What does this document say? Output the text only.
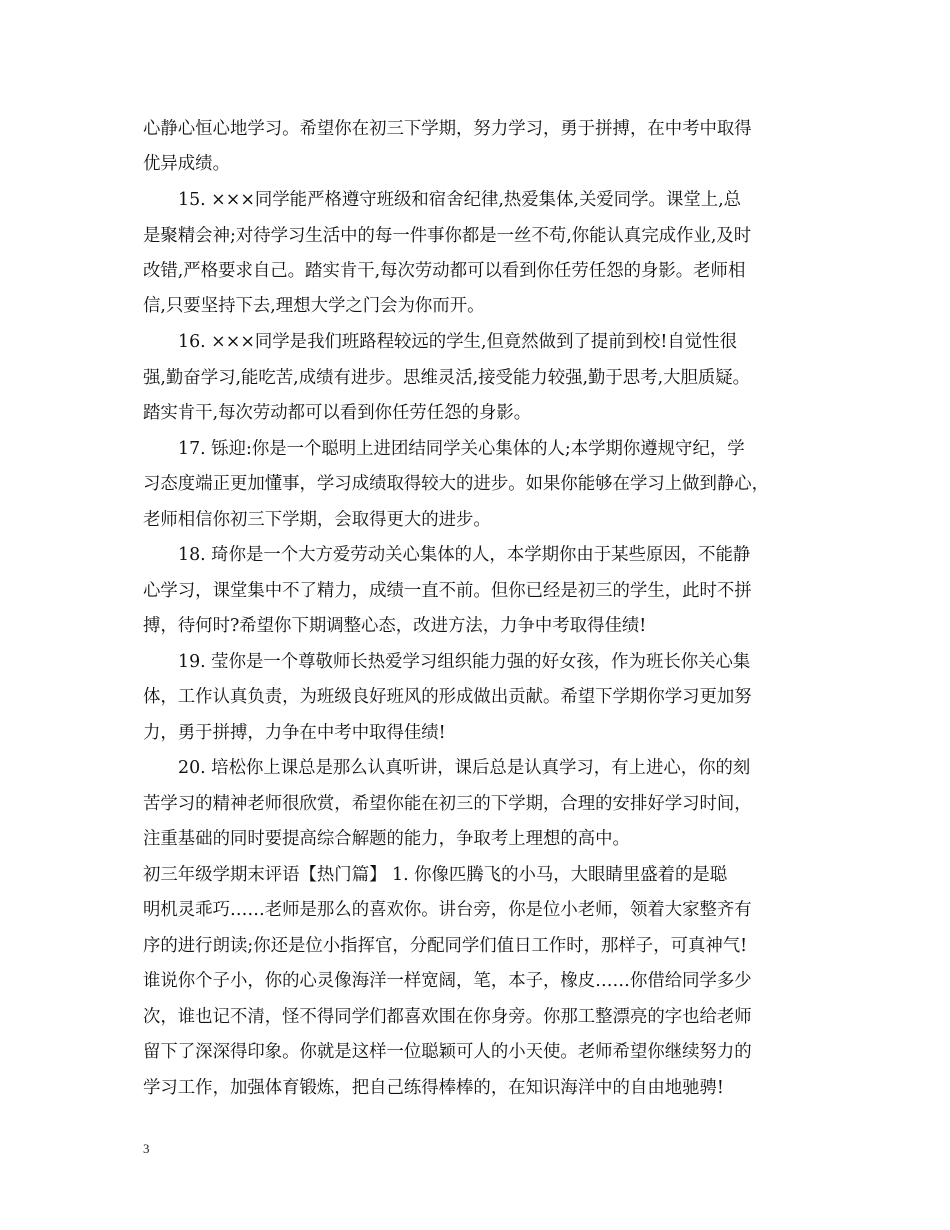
心静心恒心地学习。希望你在初三下学期，努力学习，勇于拼搏，在中考中取得
优异成绩。
15. ×××同学能严格遵守班级和宿舍纪律,热爱集体,关爱同学。课堂上,总
是聚精会神;对待学习生活中的每一件事你都是一丝不苟,你能认真完成作业,及时
改错,严格要求自己。踏实肯干,每次劳动都可以看到你任劳任怨的身影。老师相
信,只要坚持下去,理想大学之门会为你而开。
16. ×××同学是我们班路程较远的学生,但竟然做到了提前到校!自觉性很
强,勤奋学习,能吃苦,成绩有进步。思维灵活,接受能力较强,勤于思考,大胆质疑。
踏实肯干,每次劳动都可以看到你任劳任怨的身影。
17. 铄迎:你是一个聪明上进团结同学关心集体的人;本学期你遵规守纪，学
习态度端正更加懂事，学习成绩取得较大的进步。如果你能够在学习上做到静心，
老师相信你初三下学期，会取得更大的进步。
18. 琦你是一个大方爱劳动关心集体的人，本学期你由于某些原因，不能静
心学习，课堂集中不了精力，成绩一直不前。但你已经是初三的学生，此时不拼
搏，待何时?希望你下期调整心态，改进方法，力争中考取得佳绩!
19. 莹你是一个尊敬师长热爱学习组织能力强的好女孩，作为班长你关心集
体，工作认真负责，为班级良好班风的形成做出贡献。希望下学期你学习更加努
力，勇于拼搏，力争在中考中取得佳绩!
20. 培松你上课总是那么认真听讲，课后总是认真学习，有上进心，你的刻
苦学习的精神老师很欣赏，希望你能在初三的下学期，合理的安排好学习时间，
注重基础的同时要提高综合解题的能力，争取考上理想的高中。
初三年级学期末评语【热门篇】 1. 你像匹腾飞的小马，大眼睛里盛着的是聪
明机灵乖巧……老师是那么的喜欢你。讲台旁，你是位小老师，领着大家整齐有
序的进行朗读;你还是位小指挥官，分配同学们值日工作时，那样子，可真神气!
谁说你个子小，你的心灵像海洋一样宽阔，笔，本子，橡皮……你借给同学多少
次，谁也记不清，怪不得同学们都喜欢围在你身旁。你那工整漂亮的字也给老师
留下了深深得印象。你就是这样一位聪颖可人的小天使。老师希望你继续努力的
学习工作，加强体育锻炼，把自己练得棒棒的，在知识海洋中的自由地驰骋!
3
